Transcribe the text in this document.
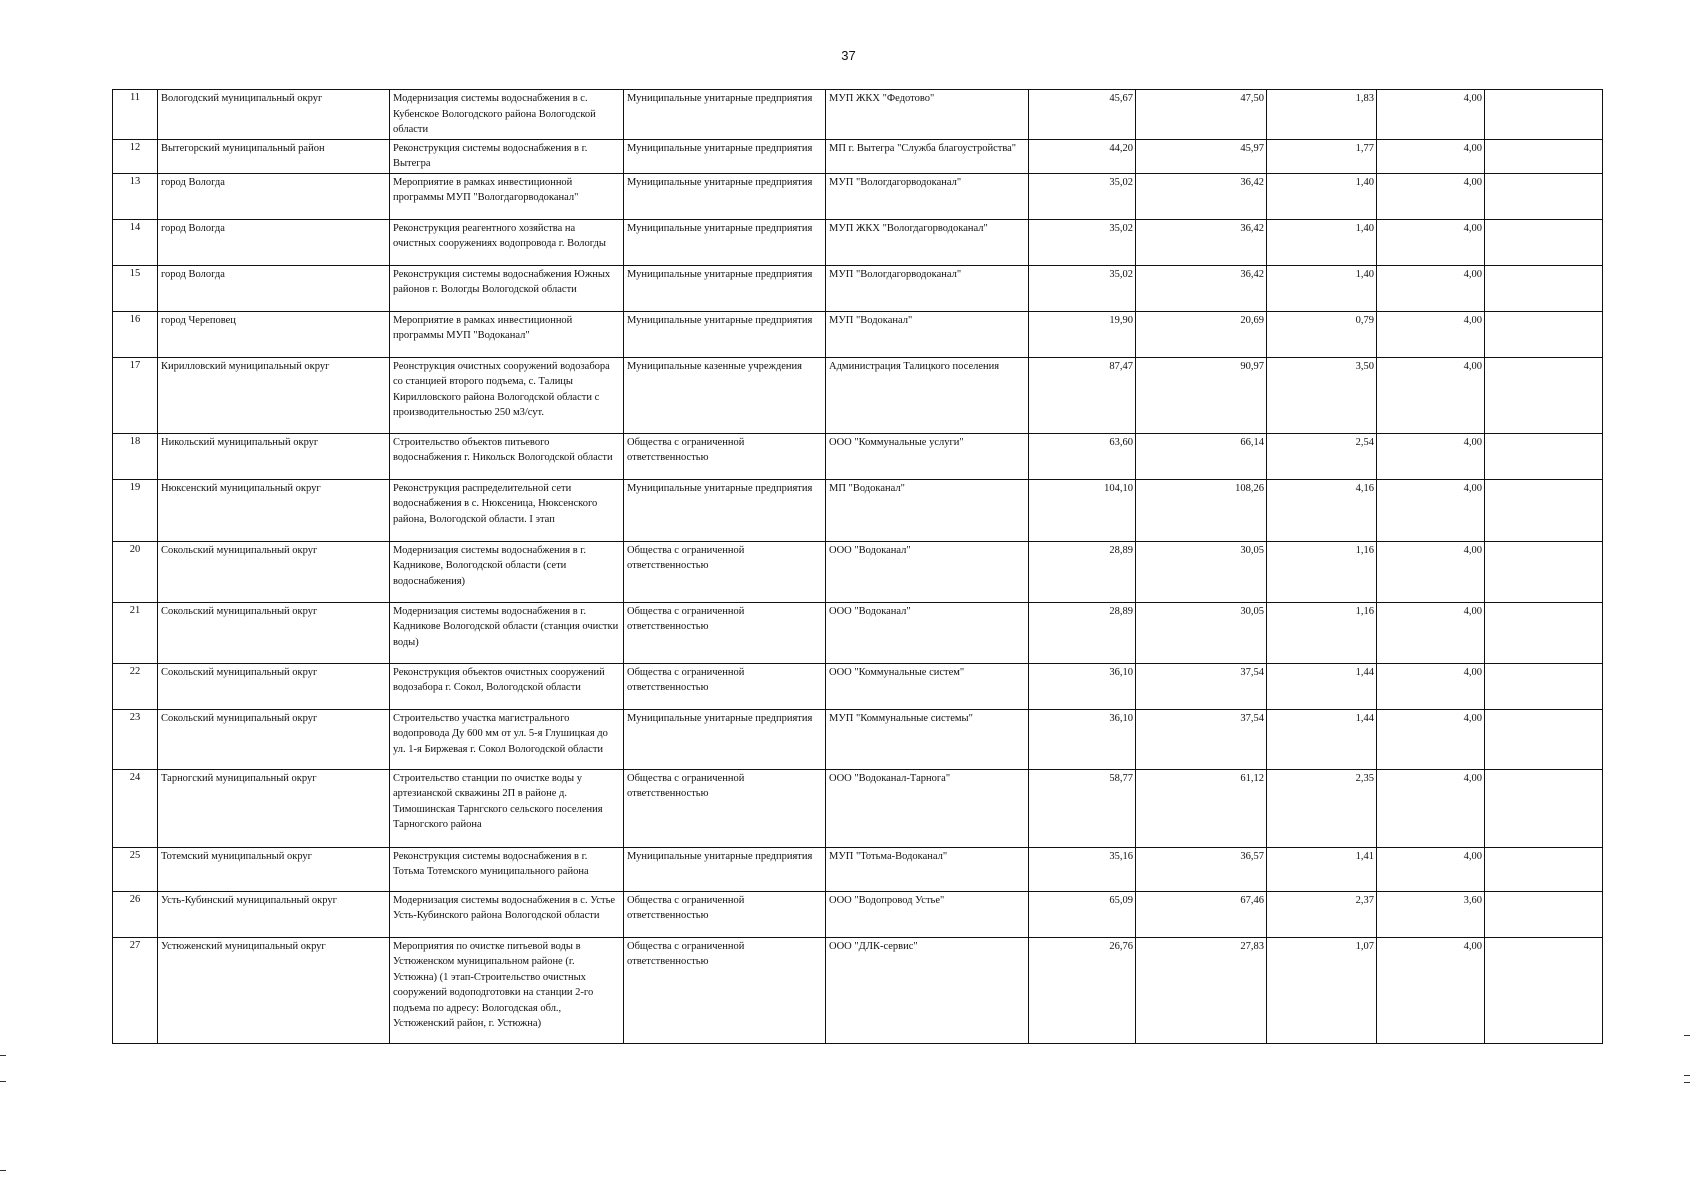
37
11	Вологодский муниципальный округ	Модернизация системы водоснабжения в с. Кубенское Вологодского района Вологодской области	Муниципальные унитарные предприятия	МУП ЖКХ "Федотово"	45,67	47,50	1,83	4,00	
12	Вытегорский муниципальный район	Реконструкция системы водоснабжения в г. Вытегра	Муниципальные унитарные предприятия	МП г. Вытегра "Служба благоустройства"	44,20	45,97	1,77	4,00	
13	город Вологда	Мероприятие в рамках инвестиционной программы МУП "Вологдагорводоканал"	Муниципальные унитарные предприятия	МУП "Вологдагорводоканал"	35,02	36,42	1,40	4,00	
14	город Вологда	Реконструкция реагентного хозяйства на очистных сооружениях водопровода г. Вологды	Муниципальные унитарные предприятия	МУП ЖКХ "Вологдагорводоканал"	35,02	36,42	1,40	4,00	
15	город Вологда	Реконструкция системы водоснабжения Южных районов г. Вологды Вологодской области	Муниципальные унитарные предприятия	МУП "Вологдагорводоканал"	35,02	36,42	1,40	4,00	
16	город Череповец	Мероприятие в рамках инвестиционной программы МУП "Водоканал"	Муниципальные унитарные предприятия	МУП "Водоканал"	19,90	20,69	0,79	4,00	
17	Кирилловский муниципальный округ	Реонструкция очистных сооружений водозабора со станцией второго подъема, с. Талицы Кирилловского района Вологодской области с производительностью 250 м3/сут.	Муниципальные казенные учреждения	Администрация Талицкого поселения	87,47	90,97	3,50	4,00	
18	Никольский муниципальный округ	Строительство объектов питьевого водоснабжения г. Никольск Вологодской области	Общества с ограниченной ответственностью	ООО "Коммунальные услуги"	63,60	66,14	2,54	4,00	
19	Нюксенский муниципальный округ	Реконструкция распределительной сети водоснабжения в с. Нюксеница, Нюксенского района, Вологодской области. I этап	Муниципальные унитарные предприятия	МП "Водоканал"	104,10	108,26	4,16	4,00	
20	Сокольский муниципальный округ	Модернизация системы водоснабжения в г. Кадникове, Вологодской области (сети водоснабжения)	Общества с ограниченной ответственностью	ООО "Водоканал"	28,89	30,05	1,16	4,00	
21	Сокольский муниципальный округ	Модернизация системы водоснабжения в г. Кадникове Вологодской области (станция очистки воды)	Общества с ограниченной ответственностью	ООО "Водоканал"	28,89	30,05	1,16	4,00	
22	Сокольский муниципальный округ	Реконструкция объектов очистных сооружений водозабора г. Сокол, Вологодской области	Общества с ограниченной ответственностью	ООО "Коммунальные систем"	36,10	37,54	1,44	4,00	
23	Сокольский муниципальный округ	Строительство участка магистрального водопровода Ду 600 мм от ул. 5-я Глушицкая до ул. 1-я Биржевая г. Сокол Вологодской области	Муниципальные унитарные предприятия	МУП "Коммунальные системы"	36,10	37,54	1,44	4,00	
24	Тарногский муниципальный округ	Строительство станции по очистке воды у артезианской скважины 2П в районе д. Тимошинская Тарнгского сельского поселения Тарногского района	Общества с ограниченной ответственностью	ООО "Водоканал-Тарнога"	58,77	61,12	2,35	4,00	
25	Тотемский муниципальный округ	Реконструкция системы водоснабжения в г. Тотьма Тотемского муниципального района	Муниципальные унитарные предприятия	МУП "Тотьма-Водоканал"	35,16	36,57	1,41	4,00	
26	Усть-Кубинский муниципальный округ	Модернизация системы водоснабжения в с. Устье Усть-Кубинского района Вологодской области	Общества с ограниченной ответственностью	ООО "Водопровод Устье"	65,09	67,46	2,37	3,60	
27	Устюженский муниципальный округ	Мероприятия по очистке питьевой воды в Устюженском муниципальном районе (г. Устюжна) (1 этап-Строительство очистных сооружений водоподготовки на станции 2-го подъема по адресу: Вологодская обл., Устюженский район, г. Устюжна)	Общества с ограниченной ответственностью	ООО "ДЛК-сервис"	26,76	27,83	1,07	4,00	
